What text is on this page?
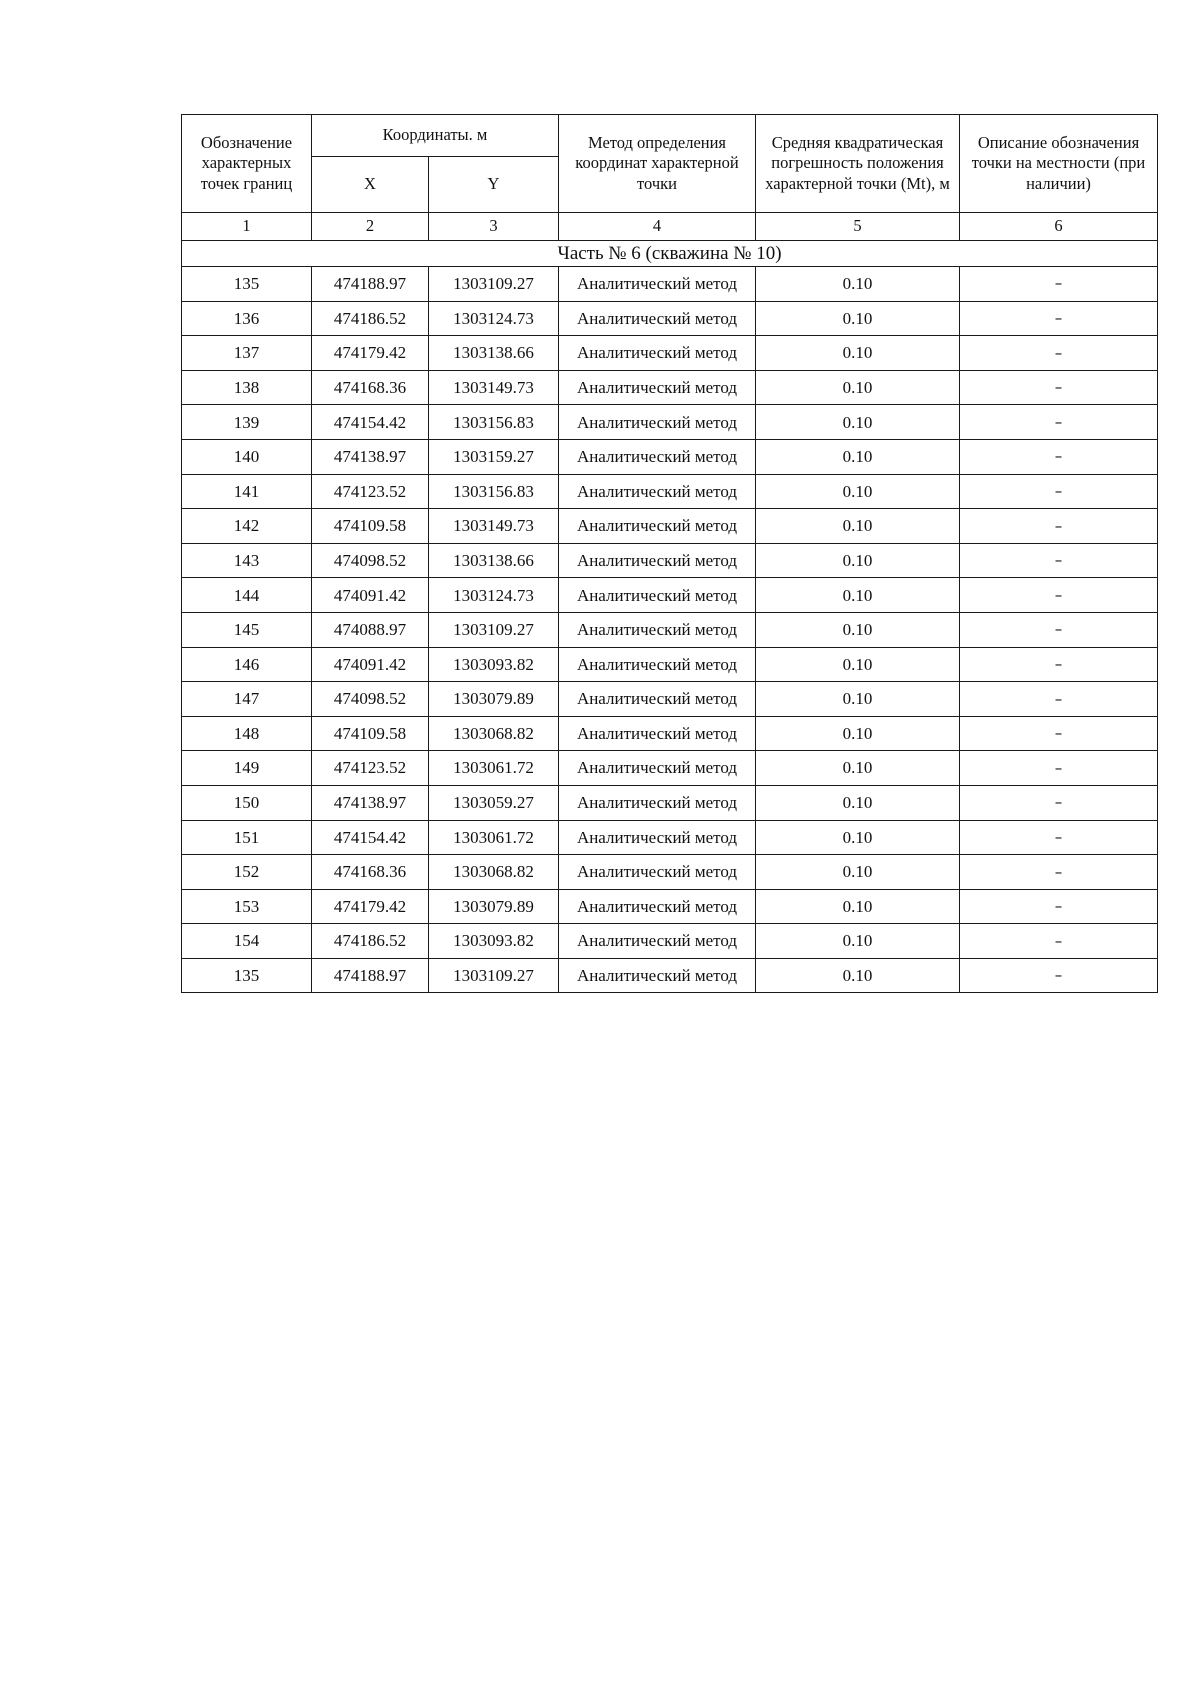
Обозначение характерных точек границ	Координаты. м		Метод определения координат характерной точки	Средняя квадратическая погрешность положения характерной точки (Mt), м	Описание обозначения точки на местности (при наличии)
	X	Y			
1	2	3	4	5	6
Часть № 6 (скважина № 10)					
135	474188.97	1303109.27	Аналитический метод	0.10	–
136	474186.52	1303124.73	Аналитический метод	0.10	–
137	474179.42	1303138.66	Аналитический метод	0.10	–
138	474168.36	1303149.73	Аналитический метод	0.10	–
139	474154.42	1303156.83	Аналитический метод	0.10	–
140	474138.97	1303159.27	Аналитический метод	0.10	–
141	474123.52	1303156.83	Аналитический метод	0.10	–
142	474109.58	1303149.73	Аналитический метод	0.10	–
143	474098.52	1303138.66	Аналитический метод	0.10	–
144	474091.42	1303124.73	Аналитический метод	0.10	–
145	474088.97	1303109.27	Аналитический метод	0.10	–
146	474091.42	1303093.82	Аналитический метод	0.10	–
147	474098.52	1303079.89	Аналитический метод	0.10	–
148	474109.58	1303068.82	Аналитический метод	0.10	–
149	474123.52	1303061.72	Аналитический метод	0.10	–
150	474138.97	1303059.27	Аналитический метод	0.10	–
151	474154.42	1303061.72	Аналитический метод	0.10	–
152	474168.36	1303068.82	Аналитический метод	0.10	–
153	474179.42	1303079.89	Аналитический метод	0.10	–
154	474186.52	1303093.82	Аналитический метод	0.10	–
135	474188.97	1303109.27	Аналитический метод	0.10	–
